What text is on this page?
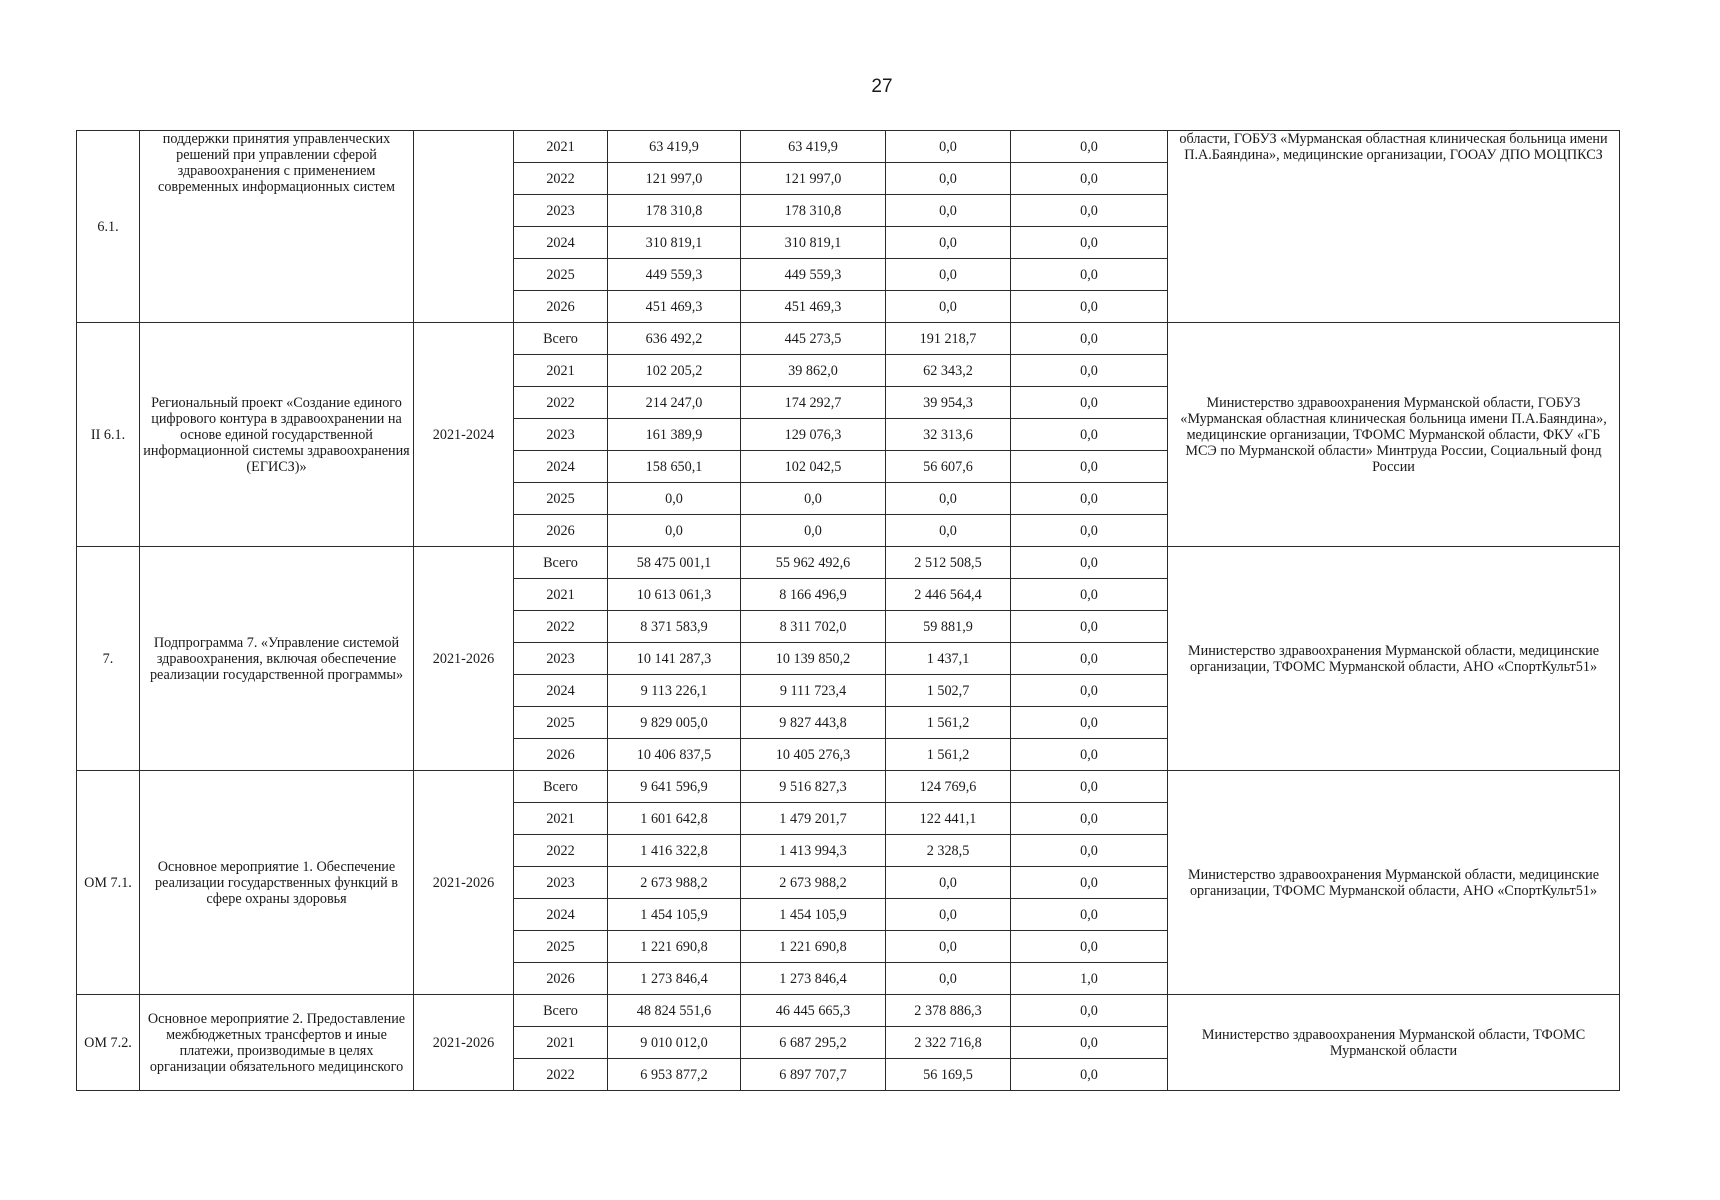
27
6.1.	поддержки принятия управленческих решений при управлении сферой здравоохранения с применением современных информационных систем		2021	63 419,9	63 419,9	0,0	0,0	области, ГОБУЗ «Мурманская областная клиническая больница имени П.А.Баяндина», медицинские организации, ГООАУ ДПО МОЦПКСЗ
			2022	121 997,0	121 997,0	0,0	0,0	
			2023	178 310,8	178 310,8	0,0	0,0	
			2024	310 819,1	310 819,1	0,0	0,0	
			2025	449 559,3	449 559,3	0,0	0,0	
			2026	451 469,3	451 469,3	0,0	0,0	
II 6.1.	Региональный проект «Создание единого цифрового контура в здравоохранении на основе единой государственной информационной системы здравоохранения (ЕГИСЗ)»	2021-2024	Всего	636 492,2	445 273,5	191 218,7	0,0	Министерство здравоохранения Мурманской области, ГОБУЗ «Мурманская областная клиническая больница имени П.А.Баяндина», медицинские организации, ТФОМС Мурманской области, ФКУ «ГБ МСЭ по Мурманской области» Минтруда России, Социальный фонд России
			2021	102 205,2	39 862,0	62 343,2	0,0	
			2022	214 247,0	174 292,7	39 954,3	0,0	
			2023	161 389,9	129 076,3	32 313,6	0,0	
			2024	158 650,1	102 042,5	56 607,6	0,0	
			2025	0,0	0,0	0,0	0,0	
			2026	0,0	0,0	0,0	0,0	
7.	Подпрограмма 7. «Управление системой здравоохранения, включая обеспечение реализации государственной программы»	2021-2026	Всего	58 475 001,1	55 962 492,6	2 512 508,5	0,0	Министерство здравоохранения Мурманской области, медицинские организации, ТФОМС Мурманской области, АНО «СпортКульт51»
			2021	10 613 061,3	8 166 496,9	2 446 564,4	0,0	
			2022	8 371 583,9	8 311 702,0	59 881,9	0,0	
			2023	10 141 287,3	10 139 850,2	1 437,1	0,0	
			2024	9 113 226,1	9 111 723,4	1 502,7	0,0	
			2025	9 829 005,0	9 827 443,8	1 561,2	0,0	
			2026	10 406 837,5	10 405 276,3	1 561,2	0,0	
ОМ 7.1.	Основное мероприятие 1. Обеспечение реализации государственных функций в сфере охраны здоровья	2021-2026	Всего	9 641 596,9	9 516 827,3	124 769,6	0,0	Министерство здравоохранения Мурманской области, медицинские организации, ТФОМС Мурманской области, АНО «СпортКульт51»
			2021	1 601 642,8	1 479 201,7	122 441,1	0,0	
			2022	1 416 322,8	1 413 994,3	2 328,5	0,0	
			2023	2 673 988,2	2 673 988,2	0,0	0,0	
			2024	1 454 105,9	1 454 105,9	0,0	0,0	
			2025	1 221 690,8	1 221 690,8	0,0	0,0	
			2026	1 273 846,4	1 273 846,4	0,0	1,0	
ОМ 7.2.	Основное мероприятие 2. Предоставление межбюджетных трансфертов и иные платежи, производимые в целях организации обязательного медицинского	2021-2026	Всего	48 824 551,6	46 445 665,3	2 378 886,3	0,0	Министерство здравоохранения Мурманской области, ТФОМС Мурманской области
			2021	9 010 012,0	6 687 295,2	2 322 716,8	0,0	
			2022	6 953 877,2	6 897 707,7	56 169,5	0,0	
